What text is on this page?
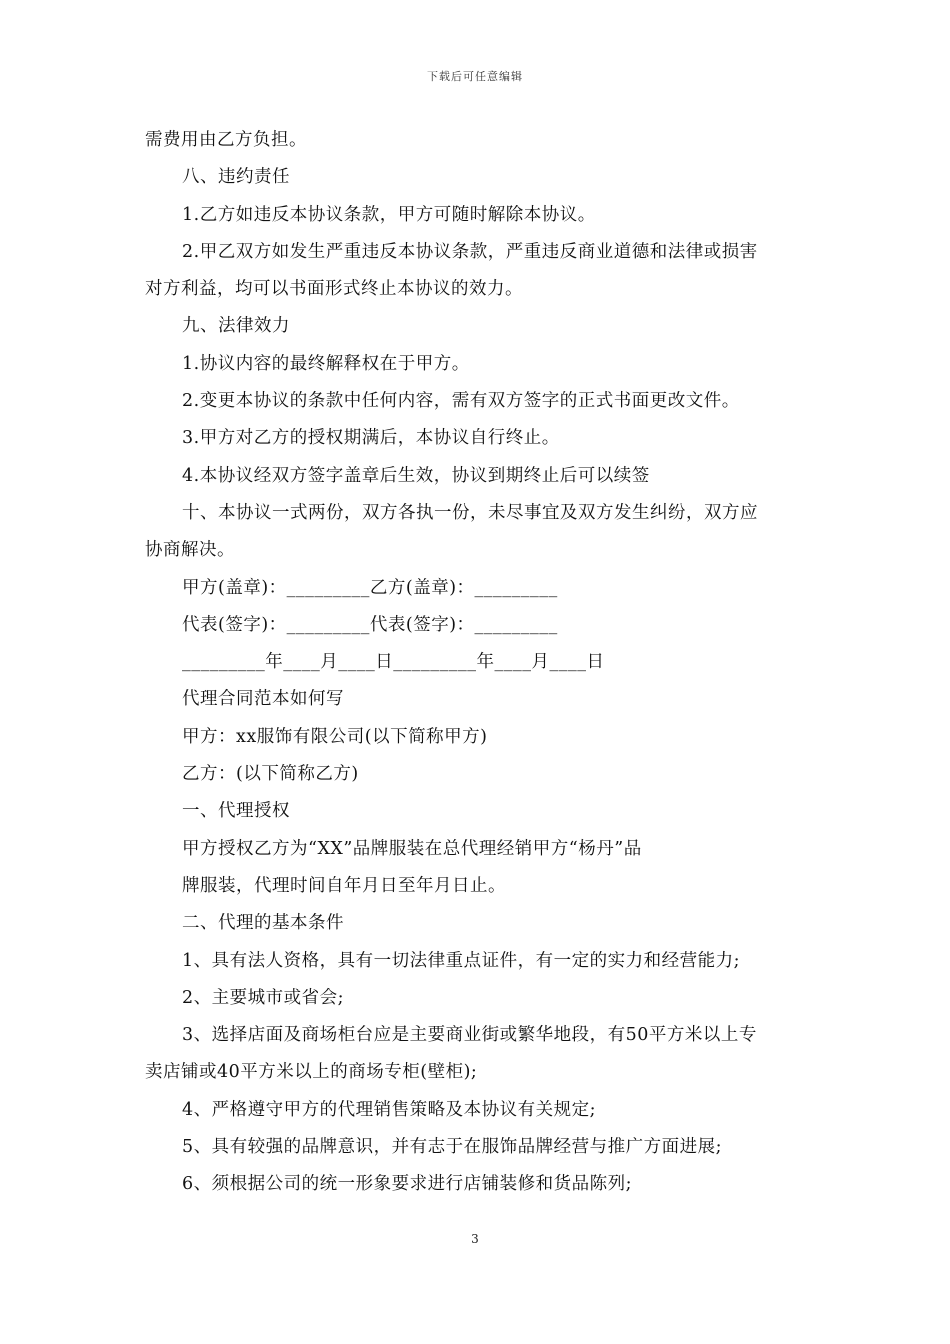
下载后可任意编辑
需费用由乙方负担。
八、违约责任
1.乙方如违反本协议条款，甲方可随时解除本协议。
2.甲乙双方如发生严重违反本协议条款，严重违反商业道德和法律或损害
对方利益，均可以书面形式终止本协议的效力。
九、法律效力
1.协议内容的最终解释权在于甲方。
2.变更本协议的条款中任何内容，需有双方签字的正式书面更改文件。
3.甲方对乙方的授权期满后，本协议自行终止。
4.本协议经双方签字盖章后生效，协议到期终止后可以续签
十、本协议一式两份，双方各执一份，未尽事宜及双方发生纠纷，双方应
协商解决。
甲方(盖章)：_________乙方(盖章)：_________
代表(签字)：_________代表(签字)：_________
_________年____月____日_________年____月____日
代理合同范本如何写
甲方：xx服饰有限公司(以下简称甲方)
乙方：(以下简称乙方)
一、代理授权
甲方授权乙方为“XX”品牌服装在总代理经销甲方“杨丹”品
牌服装，代理时间自年月日至年月日止。
二、代理的基本条件
1、具有法人资格，具有一切法律重点证件，有一定的实力和经营能力;
2、主要城市或省会;
3、选择店面及商场柜台应是主要商业街或繁华地段，有50平方米以上专
卖店铺或40平方米以上的商场专柜(壁柜);
4、严格遵守甲方的代理销售策略及本协议有关规定;
5、具有较强的品牌意识，并有志于在服饰品牌经营与推广方面进展;
6、须根据公司的统一形象要求进行店铺装修和货品陈列;
3
